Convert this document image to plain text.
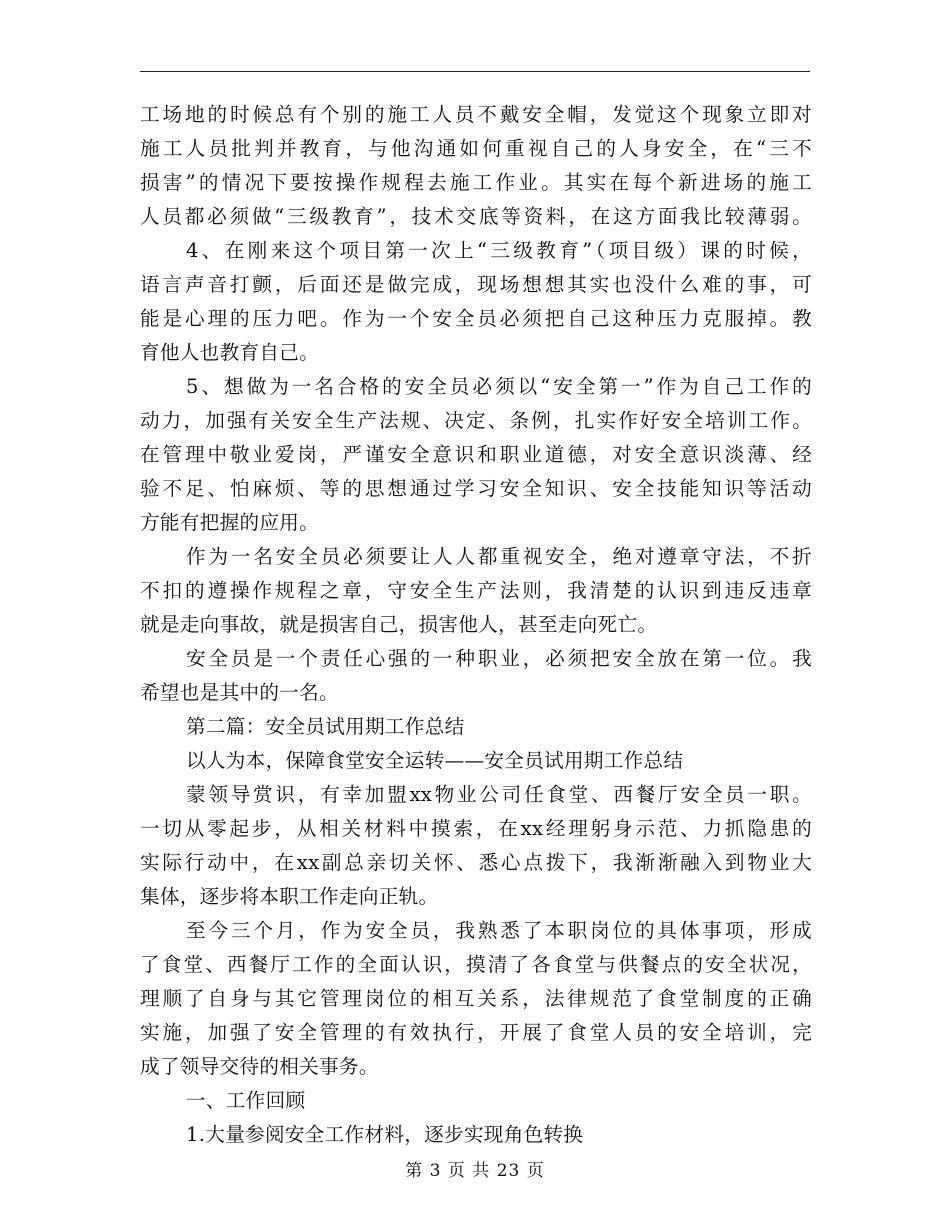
工场地的时候总有个别的施工人员不戴安全帽，发觉这个现象立即对
施工人员批判并教育，与他沟通如何重视自己的人身安全，在“三不
损害”的情况下要按操作规程去施工作业。其实在每个新进场的施工
人员都必须做“三级教育”，技术交底等资料，在这方面我比较薄弱。
4、在刚来这个项目第一次上“三级教育”（项目级）课的时候，
语言声音打颤，后面还是做完成，现场想想其实也没什么难的事，可
能是心理的压力吧。作为一个安全员必须把自己这种压力克服掉。教
育他人也教育自己。
5、想做为一名合格的安全员必须以“安全第一”作为自己工作的
动力，加强有关安全生产法规、决定、条例，扎实作好安全培训工作。
在管理中敬业爱岗，严谨安全意识和职业道德，对安全意识淡薄、经
验不足、怕麻烦、等的思想通过学习安全知识、安全技能知识等活动
方能有把握的应用。
作为一名安全员必须要让人人都重视安全，绝对遵章守法，不折
不扣的遵操作规程之章，守安全生产法则，我清楚的认识到违反违章
就是走向事故，就是损害自己，损害他人，甚至走向死亡。
安全员是一个责任心强的一种职业，必须把安全放在第一位。我
希望也是其中的一名。
第二篇：安全员试用期工作总结
以人为本，保障食堂安全运转——安全员试用期工作总结
蒙领导赏识，有幸加盟xx物业公司任食堂、西餐厅安全员一职。
一切从零起步，从相关材料中摸索，在xx经理躬身示范、力抓隐患的
实际行动中，在xx副总亲切关怀、悉心点拨下，我渐渐融入到物业大
集体，逐步将本职工作走向正轨。
至今三个月，作为安全员，我熟悉了本职岗位的具体事项，形成
了食堂、西餐厅工作的全面认识，摸清了各食堂与供餐点的安全状况，
理顺了自身与其它管理岗位的相互关系，法律规范了食堂制度的正确
实施，加强了安全管理的有效执行，开展了食堂人员的安全培训，完
成了领导交待的相关事务。
一、工作回顾
1.大量参阅安全工作材料，逐步实现角色转换
第 3 页 共 23 页
